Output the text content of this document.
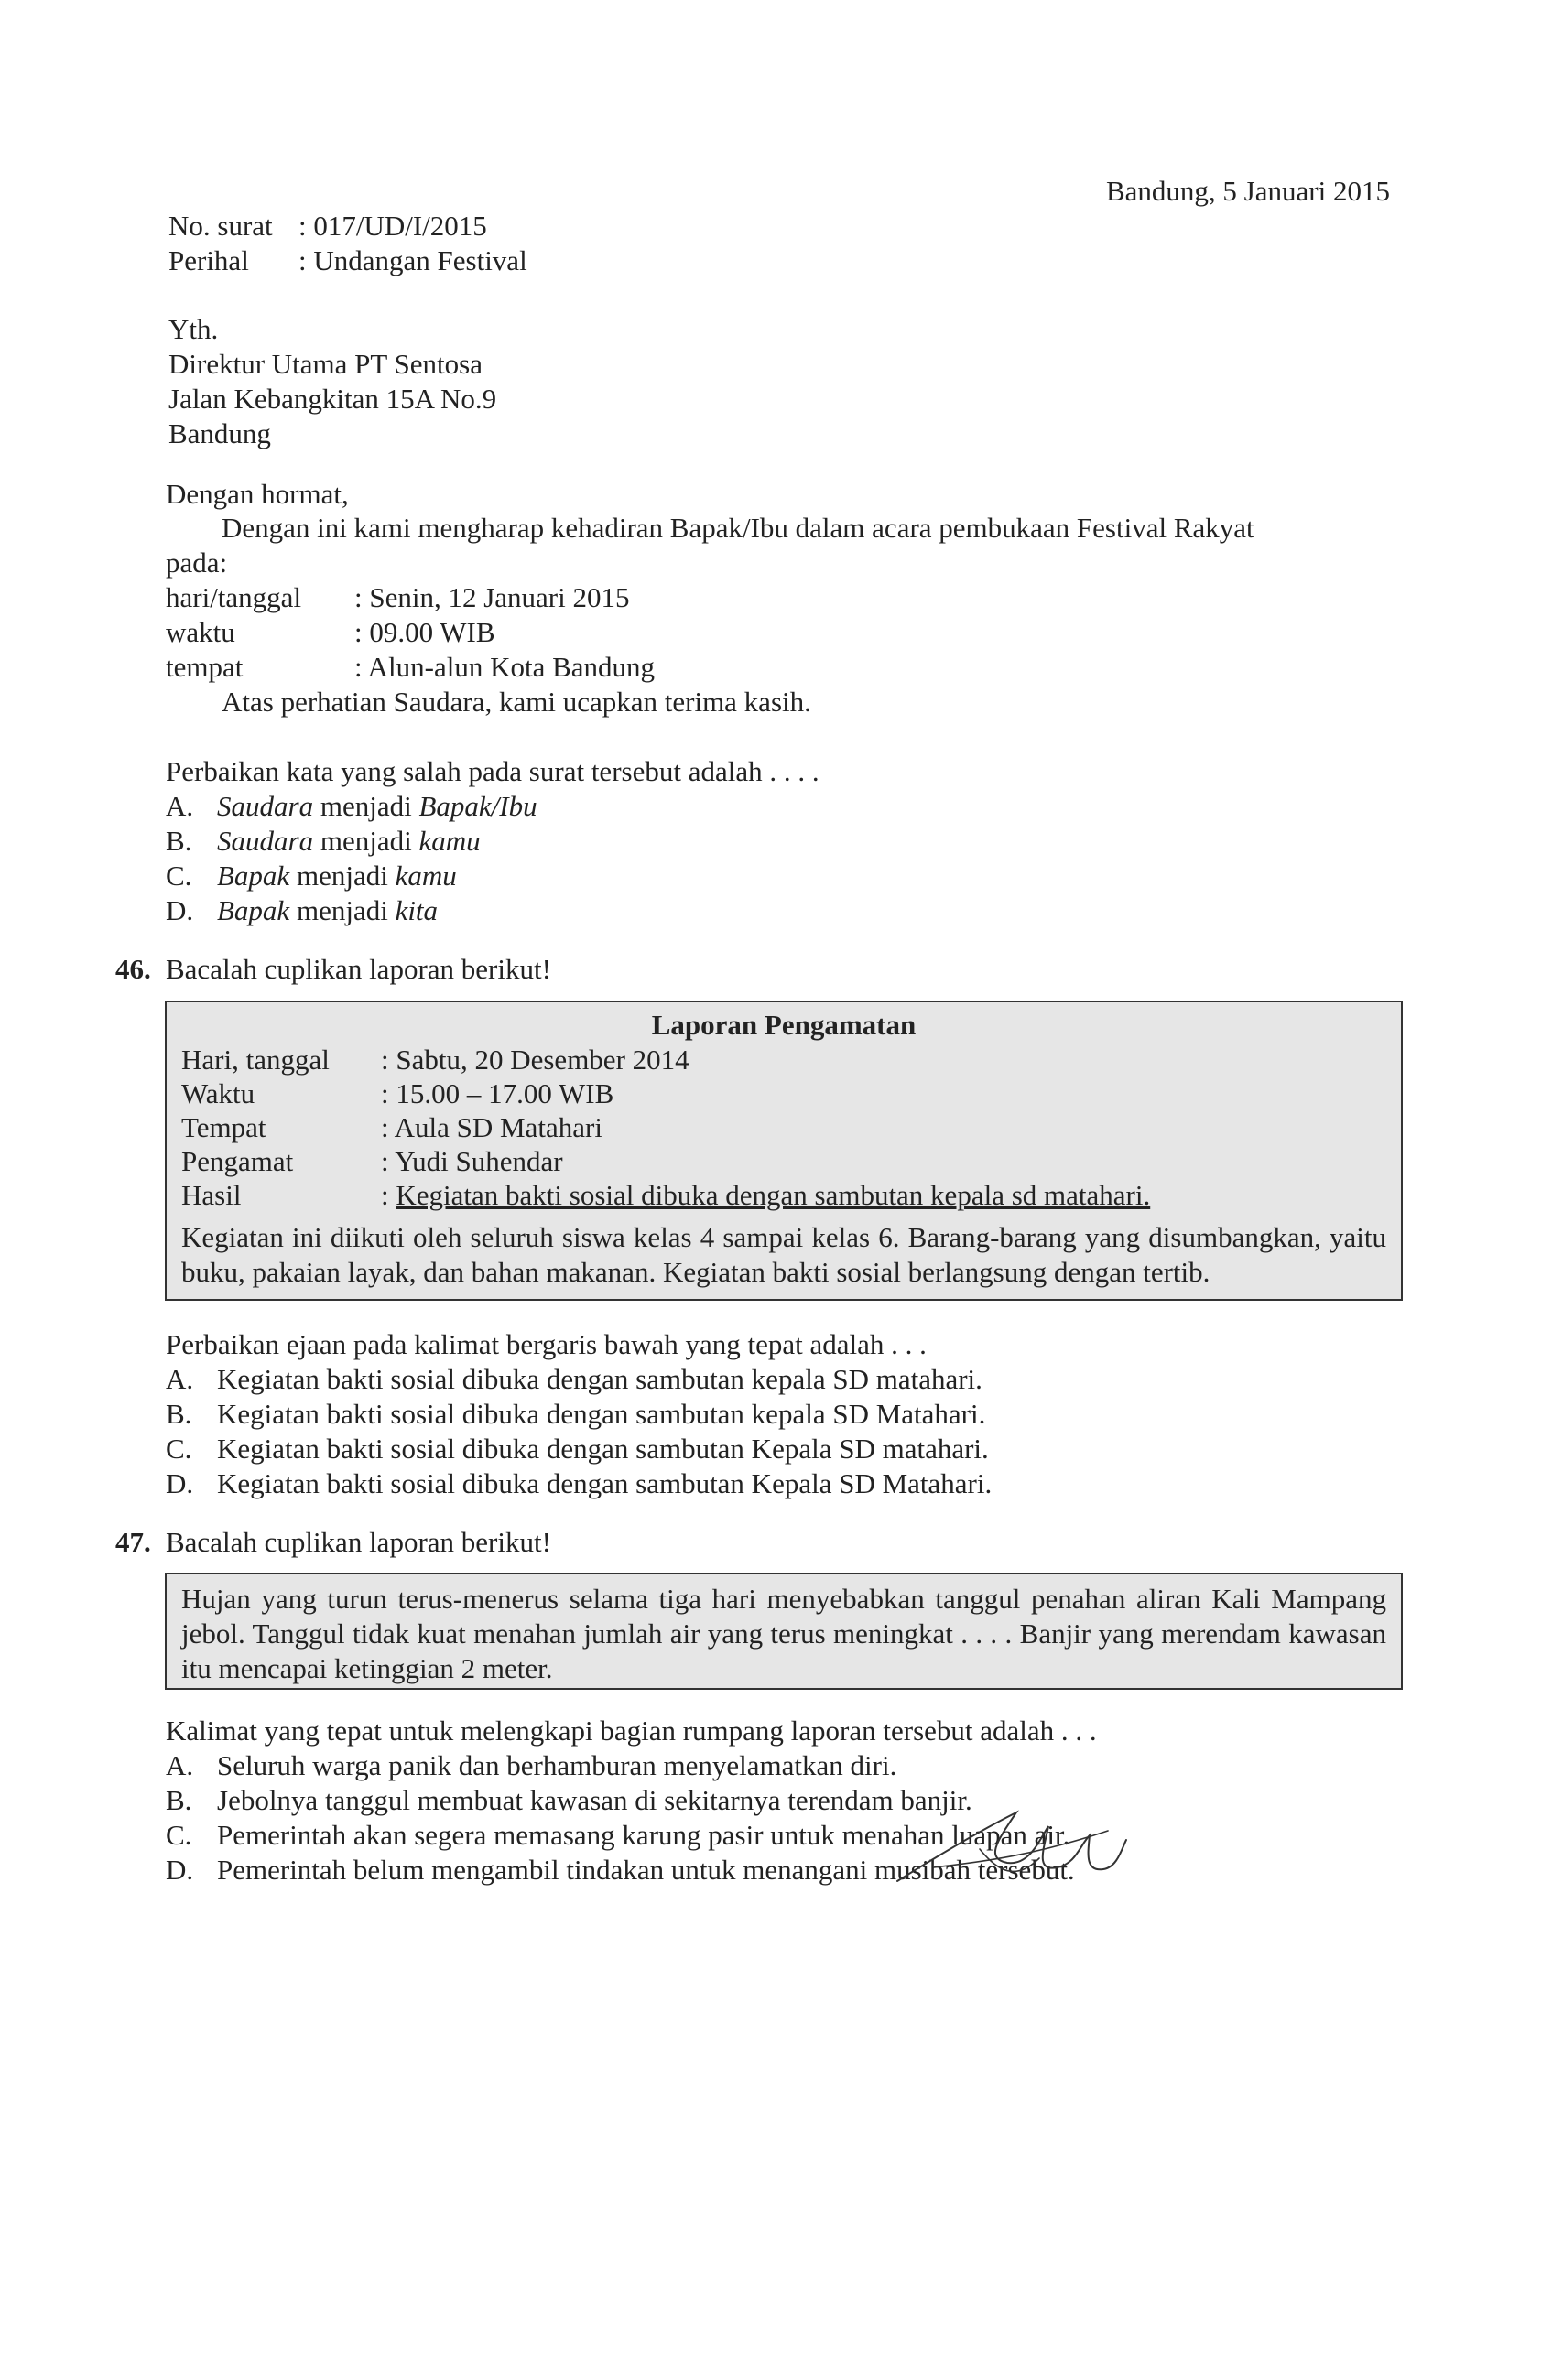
Bandung, 5 Januari 2015
No. surat : 017/UD/I/2015
Perihal : Undangan Festival
Yth.
Direktur Utama PT Sentosa
Jalan Kebangkitan 15A No.9
Bandung
Dengan hormat,
Dengan ini kami mengharap kehadiran Bapak/Ibu dalam acara pembukaan Festival Rakyat
pada:
hari/tanggal : Senin, 12 Januari 2015
waktu	: 09.00 WIB
tempat	: Alun-alun Kota Bandung
Atas perhatian Saudara, kami ucapkan terima kasih.
Perbaikan kata yang salah pada surat tersebut adalah . . . .
A. Saudara menjadi Bapak/Ibu
B. Saudara menjadi kamu
C. Bapak menjadi kamu
D. Bapak menjadi kita
46. Bacalah cuplikan laporan berikut!
Laporan Pengamatan
Hari, tanggal : Sabtu, 20 Desember 2014
Waktu	: 15.00 – 17.00 WIB
Tempat	: Aula SD Matahari
Pengamat	: Yudi Suhendar
Hasil	: Kegiatan bakti sosial dibuka dengan sambutan kepala sd matahari.
Kegiatan ini diikuti oleh seluruh siswa kelas 4 sampai kelas 6. Barang-barang yang disumbangkan, yaitu buku, pakaian layak, dan bahan makanan. Kegiatan bakti sosial berlangsung dengan tertib.
Perbaikan ejaan pada kalimat bergaris bawah yang tepat adalah . . .
A. Kegiatan bakti sosial dibuka dengan sambutan kepala SD matahari.
B. Kegiatan bakti sosial dibuka dengan sambutan kepala SD Matahari.
C. Kegiatan bakti sosial dibuka dengan sambutan Kepala SD matahari.
D. Kegiatan bakti sosial dibuka dengan sambutan Kepala SD Matahari.
47. Bacalah cuplikan laporan berikut!
Hujan yang turun terus-menerus selama tiga hari menyebabkan tanggul penahan aliran Kali Mampang jebol. Tanggul tidak kuat menahan jumlah air yang terus meningkat . . . . Banjir yang merendam kawasan itu mencapai ketinggian 2 meter.
Kalimat yang tepat untuk melengkapi bagian rumpang laporan tersebut adalah . . .
A. Seluruh warga panik dan berhamburan menyelamatkan diri.
B. Jebolnya tanggul membuat kawasan di sekitarnya terendam banjir.
C. Pemerintah akan segera memasang karung pasir untuk menahan luapan air.
D. Pemerintah belum mengambil tindakan untuk menangani musibah tersebut.
